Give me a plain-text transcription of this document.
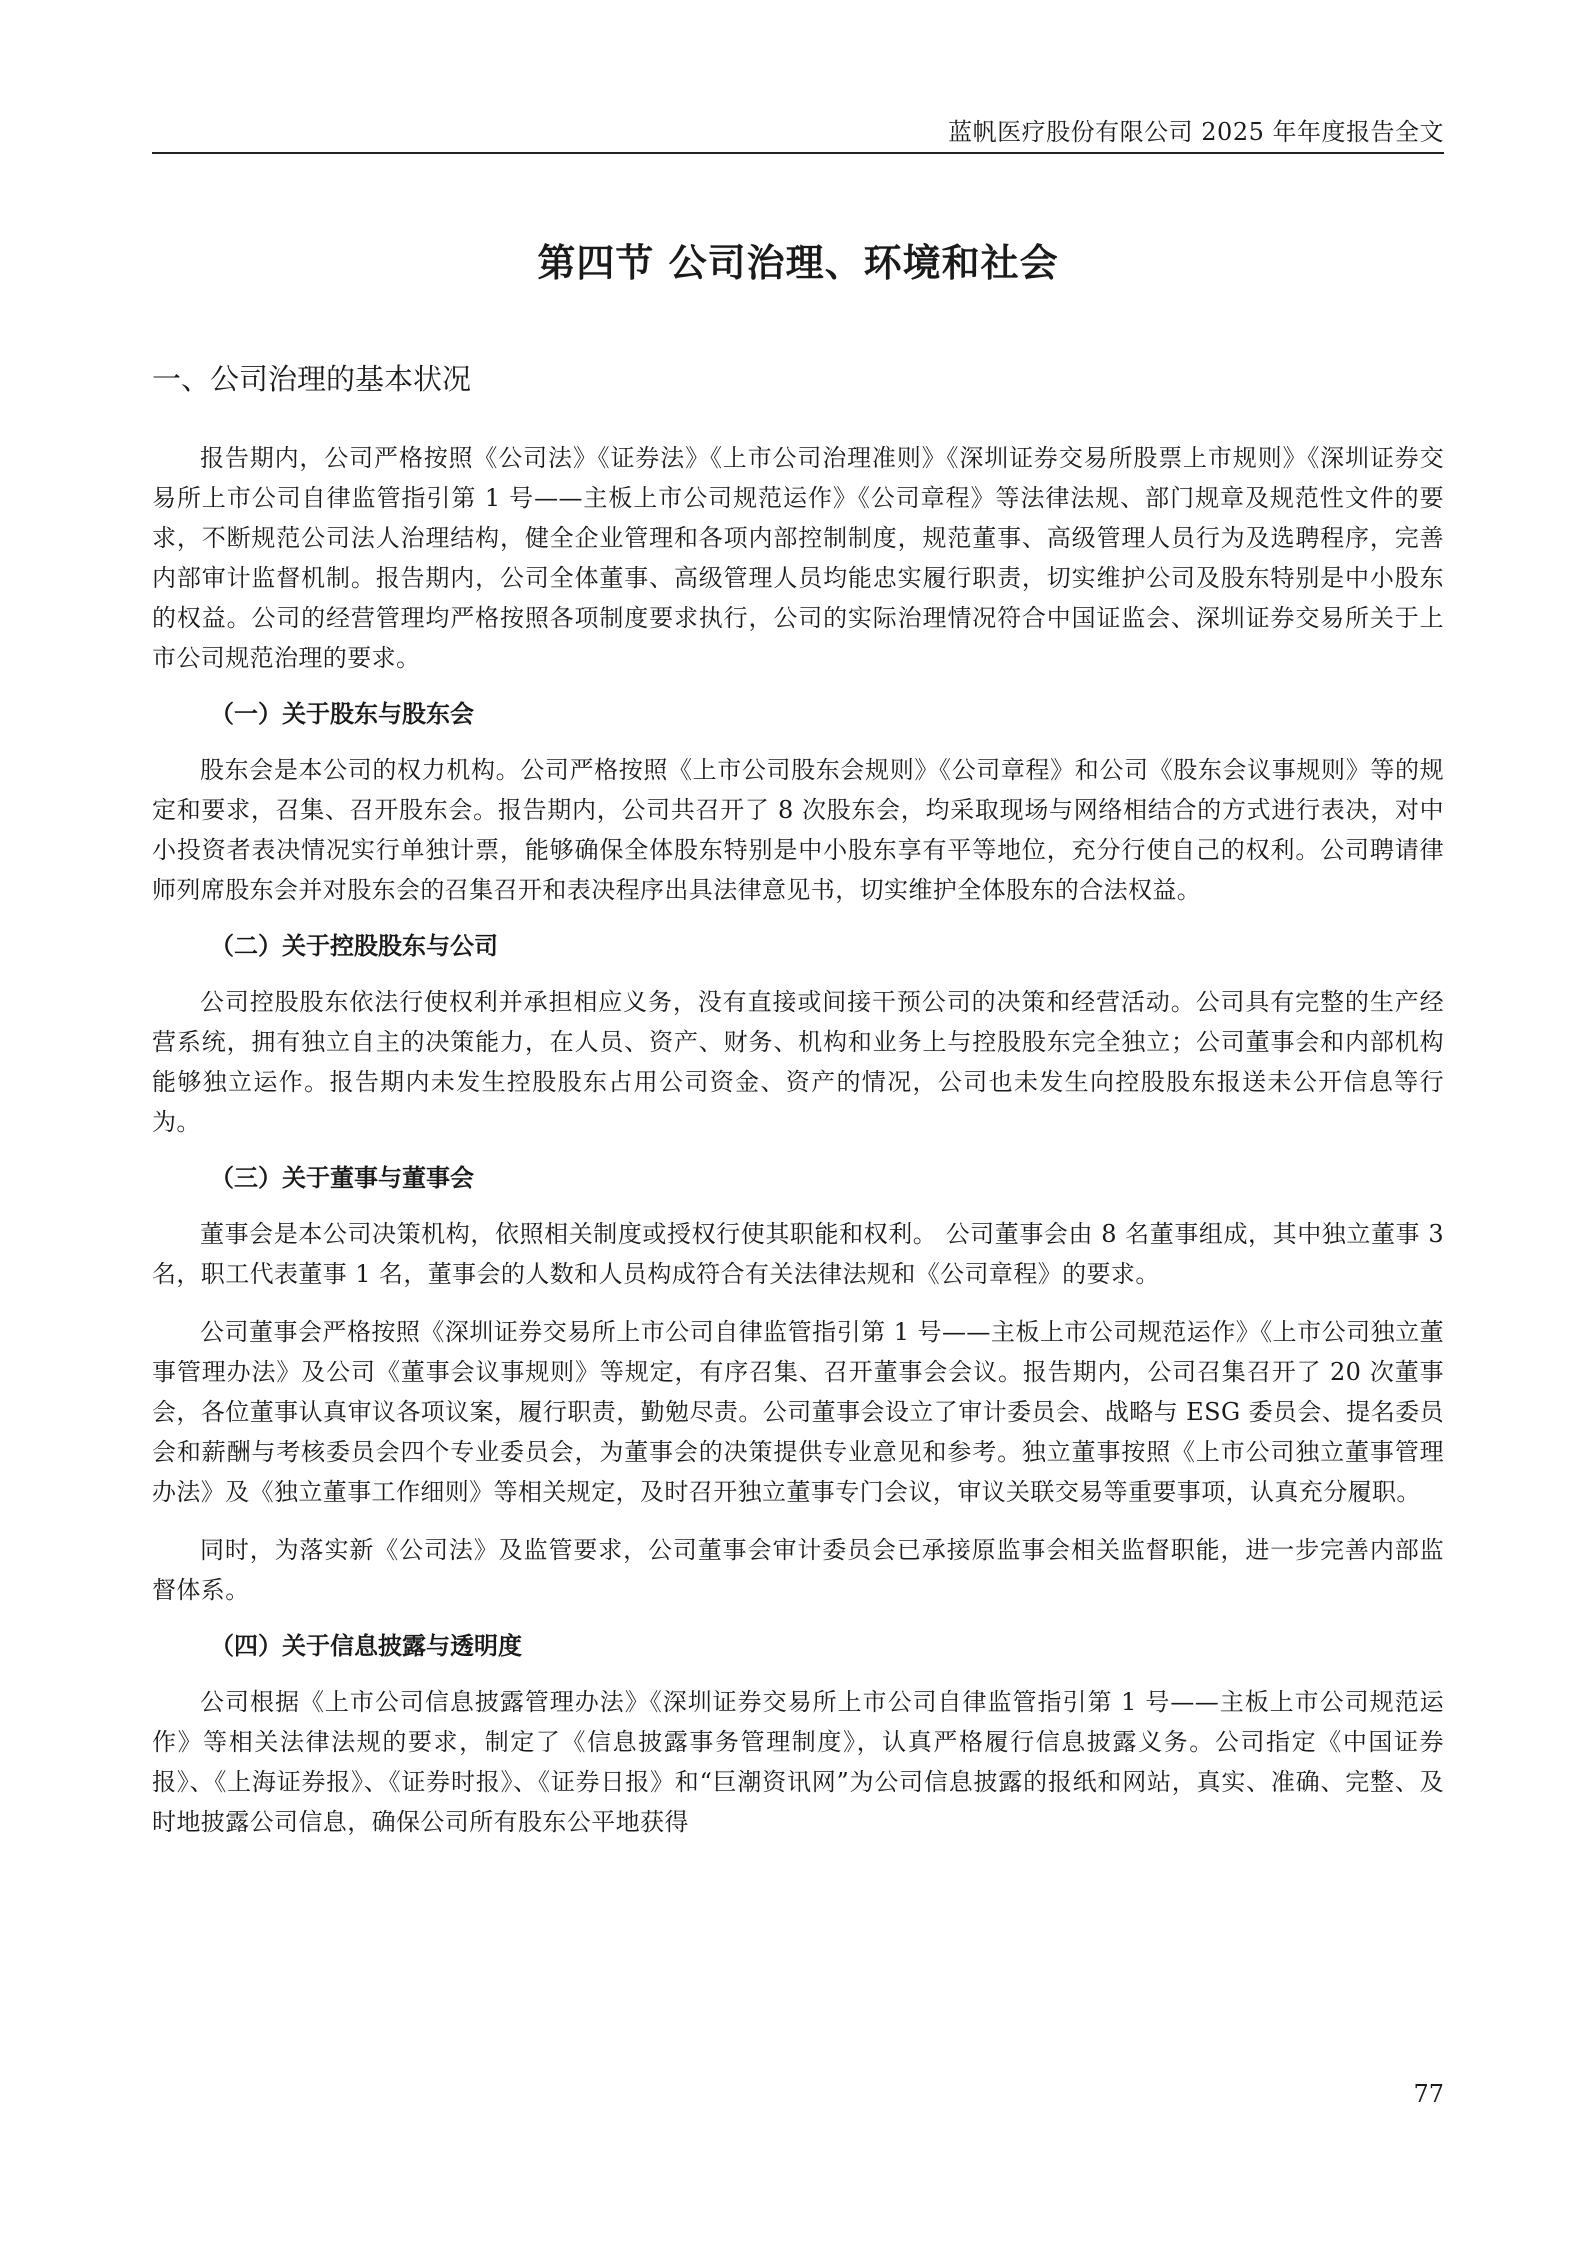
蓝帆医疗股份有限公司 2025 年年度报告全文
第四节 公司治理、环境和社会
一、公司治理的基本状况

报告期内，公司严格按照《公司法》《证券法》《上市公司治理准则》《深圳证券交易所股票上市规则》《深圳证券交易所上市公司自律监管指引第 1 号——主板上市公司规范运作》《公司章程》等法律法规、部门规章及规范性文件的要求，不断规范公司法人治理结构，健全企业管理和各项内部控制制度，规范董事、高级管理人员行为及选聘程序，完善内部审计监督机制。报告期内，公司全体董事、高级管理人员均能忠实履行职责，切实维护公司及股东特别是中小股东的权益。公司的经营管理均严格按照各项制度要求执行，公司的实际治理情况符合中国证监会、深圳证券交易所关于上市公司规范治理的要求。

（一）关于股东与股东会

股东会是本公司的权力机构。公司严格按照《上市公司股东会规则》《公司章程》和公司《股东会议事规则》等的规定和要求，召集、召开股东会。报告期内，公司共召开了 8 次股东会，均采取现场与网络相结合的方式进行表决，对中小投资者表决情况实行单独计票，能够确保全体股东特别是中小股东享有平等地位，充分行使自己的权利。公司聘请律师列席股东会并对股东会的召集召开和表决程序出具法律意见书，切实维护全体股东的合法权益。

（二）关于控股股东与公司

公司控股股东依法行使权利并承担相应义务，没有直接或间接干预公司的决策和经营活动。公司具有完整的生产经营系统，拥有独立自主的决策能力，在人员、资产、财务、机构和业务上与控股股东完全独立；公司董事会和内部机构能够独立运作。报告期内未发生控股股东占用公司资金、资产的情况，公司也未发生向控股股东报送未公开信息等行为。

（三）关于董事与董事会

董事会是本公司决策机构，依照相关制度或授权行使其职能和权利。 公司董事会由 8 名董事组成，其中独立董事 3 名，职工代表董事 1 名，董事会的人数和人员构成符合有关法律法规和《公司章程》的要求。

公司董事会严格按照《深圳证券交易所上市公司自律监管指引第 1 号——主板上市公司规范运作》《上市公司独立董事管理办法》及公司《董事会议事规则》等规定，有序召集、召开董事会会议。报告期内，公司召集召开了 20 次董事会，各位董事认真审议各项议案，履行职责，勤勉尽责。公司董事会设立了审计委员会、战略与 ESG 委员会、提名委员会和薪酬与考核委员会四个专业委员会，为董事会的决策提供专业意见和参考。独立董事按照《上市公司独立董事管理办法》及《独立董事工作细则》等相关规定，及时召开独立董事专门会议，审议关联交易等重要事项，认真充分履职。

同时，为落实新《公司法》及监管要求，公司董事会审计委员会已承接原监事会相关监督职能，进一步完善内部监督体系。

（四）关于信息披露与透明度

公司根据《上市公司信息披露管理办法》《深圳证券交易所上市公司自律监管指引第 1 号——主板上市公司规范运作》等相关法律法规的要求，制定了《信息披露事务管理制度》，认真严格履行信息披露义务。公司指定《中国证券报》、《上海证券报》、《证券时报》、《证券日报》和“巨潮资讯网”为公司信息披露的报纸和网站，真实、准确、完整、及时地披露公司信息，确保公司所有股东公平地获得

77
